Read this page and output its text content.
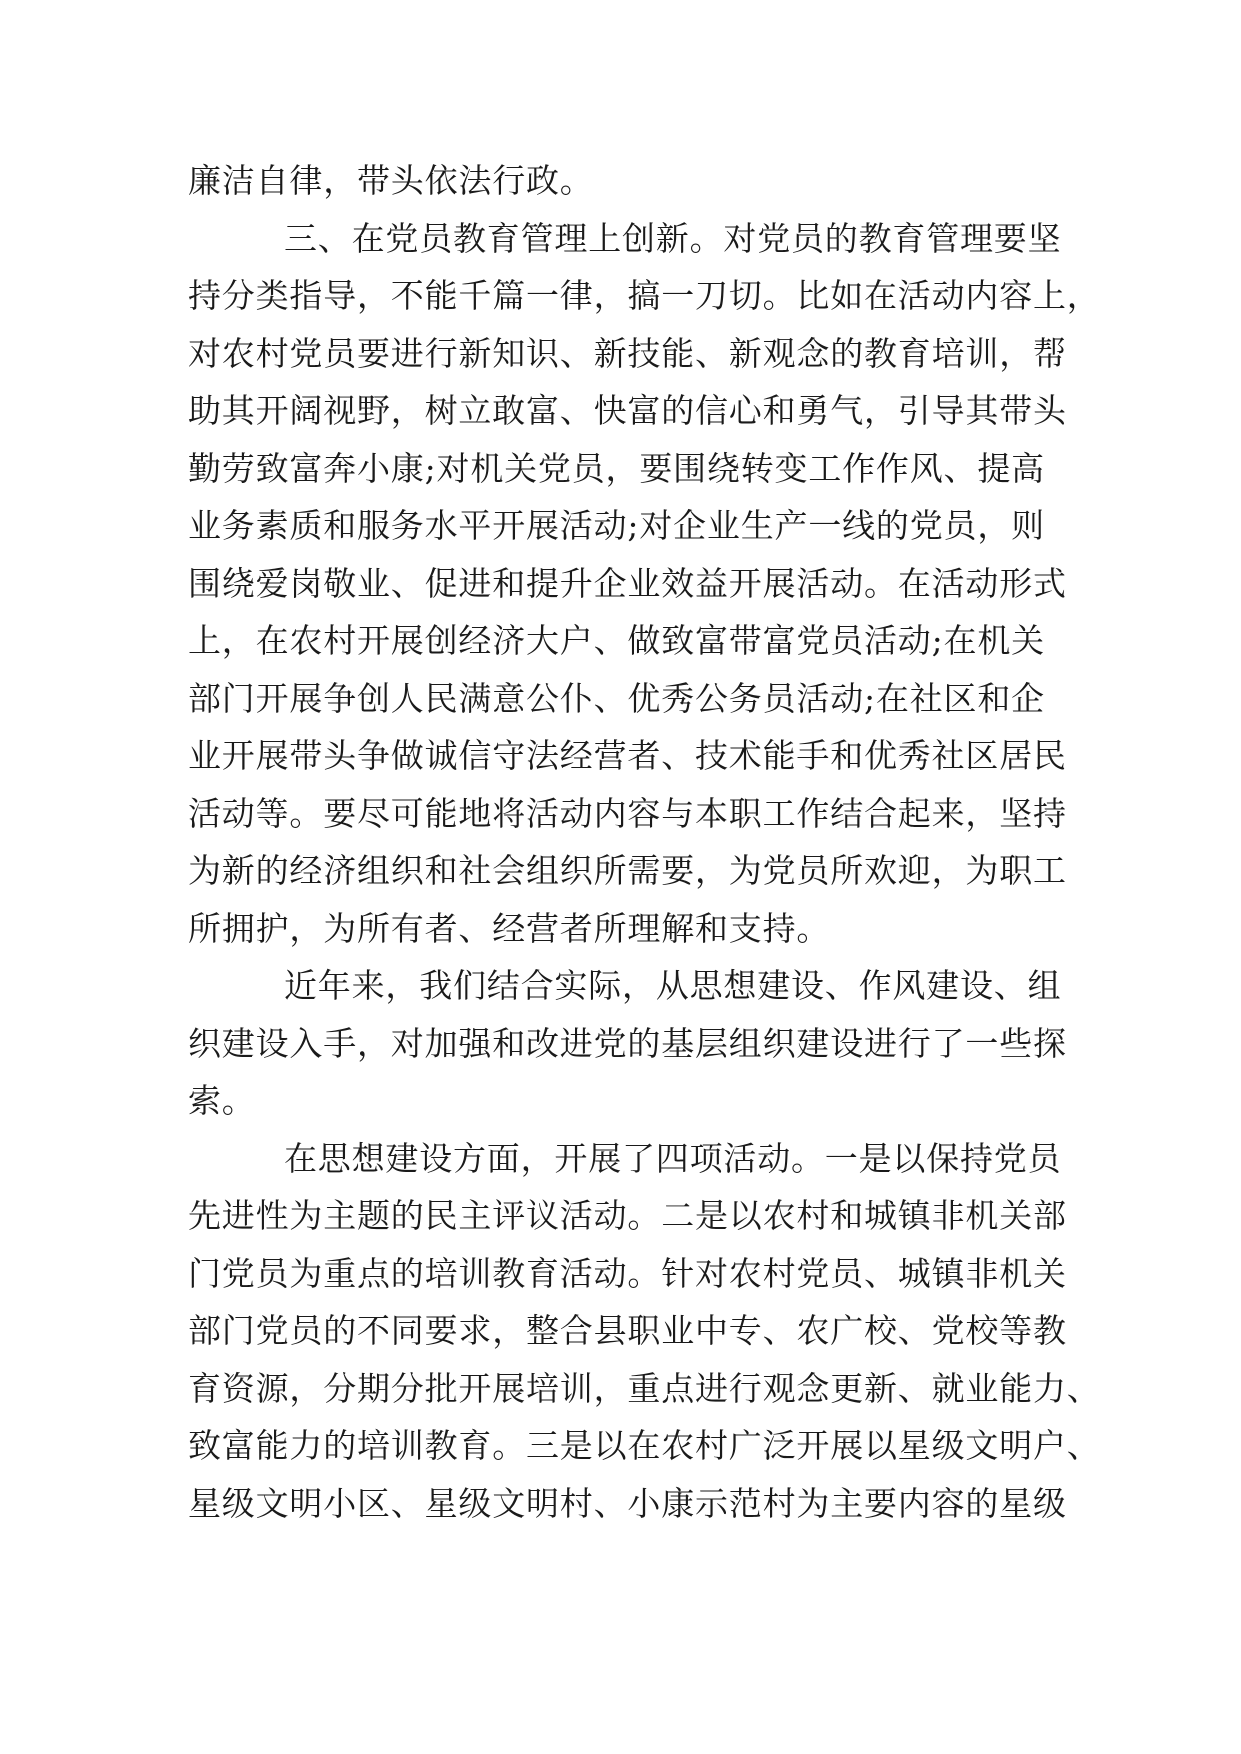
廉洁自律，带头依法行政。
三、在党员教育管理上创新。对党员的教育管理要坚
持分类指导，不能千篇一律，搞一刀切。比如在活动内容上，
对农村党员要进行新知识、新技能、新观念的教育培训，帮
助其开阔视野，树立敢富、快富的信心和勇气，引导其带头
勤劳致富奔小康;对机关党员，要围绕转变工作作风、提高
业务素质和服务水平开展活动;对企业生产一线的党员，则
围绕爱岗敬业、促进和提升企业效益开展活动。在活动形式
上，在农村开展创经济大户、做致富带富党员活动;在机关
部门开展争创人民满意公仆、优秀公务员活动;在社区和企
业开展带头争做诚信守法经营者、技术能手和优秀社区居民
活动等。要尽可能地将活动内容与本职工作结合起来，坚持
为新的经济组织和社会组织所需要，为党员所欢迎，为职工
所拥护，为所有者、经营者所理解和支持。
近年来，我们结合实际，从思想建设、作风建设、组
织建设入手，对加强和改进党的基层组织建设进行了一些探
索。
在思想建设方面，开展了四项活动。一是以保持党员
先进性为主题的民主评议活动。二是以农村和城镇非机关部
门党员为重点的培训教育活动。针对农村党员、城镇非机关
部门党员的不同要求，整合县职业中专、农广校、党校等教
育资源，分期分批开展培训，重点进行观念更新、就业能力、
致富能力的培训教育。三是以在农村广泛开展以星级文明户、
星级文明小区、星级文明村、小康示范村为主要内容的星级
